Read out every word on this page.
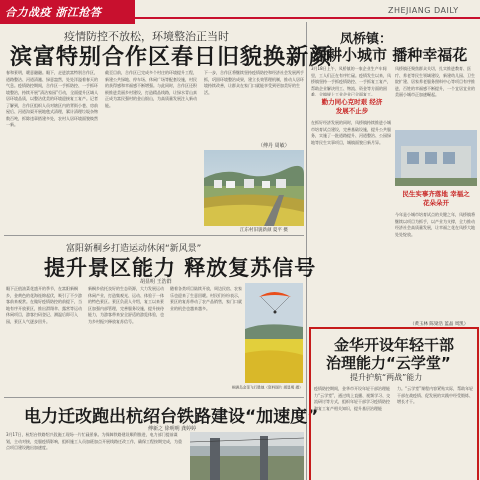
合力战疫 浙江抢答	ZHEJIANG DAILY
疫情防控不放松，环境整治正当时
滨富特别合作区春日旧貌换新颜
春和景明，暖意融融。眼下，走进滨富特别合作区，道路整洁、河道清澈、绿意盎然，处处洋溢着春天的气息。疫情防控期间，合作区一手抓防控、一手抓环境整治，持续开展“清洁家园”行动，全面提升区域人居环境品质，以整洁优美的环境迎接复工复产。记者了解到，合作区组织人员对辖区内的背街小巷、房前屋后、河道沟渠开展地毯式清理，累计清理垃圾杂物数百吨，拆除违章搭建多处，农村人居环境面貌焕然一新。
截至目前，合作区已完成多个村庄的环境提升工程，新建公共绿地、停车场、休闲广场等配套设施，村民的获得感和幸福感不断增强。与此同时，合作区还积极推进美丽乡村建设，打造精品线路，让绿水青山真正成为富民强村的金山银山，为高质量发展注入新动能。
下一步，合作区将继续坚持疫情防控和经济社会发展两手抓，巩固环境整治成果，建立长效管理机制，推动人居环境持续改善，让群众在家门口就能享受到更加美好的生活。
（傅丹 周敏）
江东村旧貌新颜 夏平 摄
富阳新桐乡打造运动休闲“新风景”
提升景区能力 释放复苏信号
胡显明 王浩群
眼下正值油菜花盛开的季节，在富阳新桐乡，金黄色的花海连绵起伏，吸引了不少游客前来观赏。在做好疫情防控的前提下，当地有序开放景区，推出滑翔伞、露营等运动休闲项目，游客扫码登记、测温后即可入园，景区人气逐步回升。
新桐乡依托良好的生态资源，大力发展运动休闲产业，打造集观光、运动、体验于一体的特色景区。景区负责人介绍，复工以来景区加强内部管理，完善服务设施，提升接待能力，为游客带来安全舒适的游览体验，也为乡村振兴释放复苏信号。
随着各类项目陆续开放，周边民宿、农家乐也迎来了生意回暖。村民们纷纷表示，景区的复苏带动了农产品销售，家门口就业的机会也越来越多。
桐洲岛金菜飞行胜地（资料图片 胡显明 摄）
电力迁改跑出杭绍台铁路建设“加速度”
傅新之 徐明明 龚婷婷
3月17日，杭绍台铁路绍兴段施工现场一片忙碌景象。为保障铁路建设顺利推进，电力部门提前谋划，主动对接，克服疫情影响，组织施工人员加班加点开展线路迁改工作，确保工程按期完成，为重点项目建设跑出加速度。
凤桥镇：
深耕小城市 播种幸福花
3月18日上午，凤桥镇的一家企业生产车间里，工人们正在有序忙碌。疫情发生以来，凤桥镇坚持一手抓疫情防控、一手抓复工复产，帮助企业解决用工、物流、资金等方面的困难，全镇规上工业企业已全面复工。
勤力同心克时艰 经济发展不止步
在抓好经济发展的同时，凤桥镇持续推进小城市培育试点建设，完善基础设施，提升公共服务，实施了一批道路提升、河道整治、公园绿地等民生实事项目，城镇面貌日新月异。
凤桥镇还聚焦群众关切，扎实推进教育、医疗、养老等民生领域建设，新建幼儿园、卫生院扩建、居家养老服务照料中心等项目有序推进，百姓的幸福感不断提升，一个宜居宜业的美丽小城市正加速崛起。
民生实事齐落地 幸福之花朵朵开
今年是小城市培育试点的关键之年，凤桥镇将继续以项目为抓手，以产业为支撑，全力推动经济社会高质量发展，让幸福之花在凤桥大地处处绽放。
（黄玉林 陈梁浩 蓝晶 周凯）
金华开设年轻干部
治理能力“云学堂”
提升护航“两战”能力
疫情防控期间，金华市开设年轻干部治理能力“云学堂”，通过线上直播、视频学习、交流研讨等方式，组织年轻干部学习疫情防控和复工复产相关知识，提升基层治理能力。“云学堂”课程内容紧贴实际，帮助年轻干部在战疫情、促发展的实践中经受锻炼、增长才干。
